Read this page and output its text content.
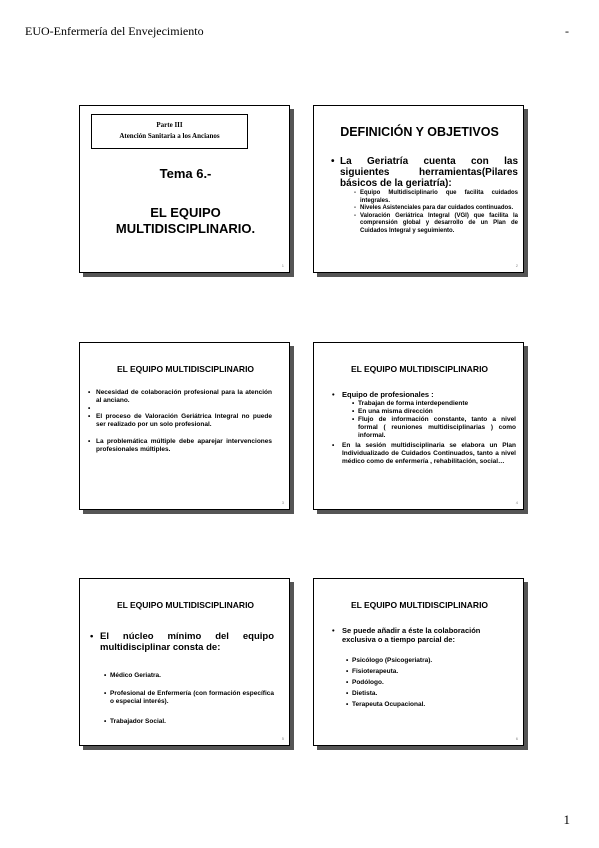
EUO-Enfermería del Envejecimiento	-
Parte III
Atención Sanitaria a los Ancianos
Tema 6.-
EL EQUIPO
MULTIDISCIPLINARIO.
1
DEFINICIÓN Y OBJETIVOS
• La Geriatría cuenta con las siguientes herramientas(Pilares básicos de la geriatría):
- Equipo Multidisciplinario que facilita cuidados integrales.
- Niveles Asistenciales para dar cuidados continuados.
- Valoración Geriátrica Integral (VGI) que facilita la comprensión global y desarrollo de un Plan de Cuidados Integral y seguimiento.
2
EL EQUIPO MULTIDISCIPLINARIO
• Necesidad de colaboración profesional para la atención al anciano.
•
• El proceso de Valoración Geriátrica Integral no puede ser realizado por un solo profesional.
• La problemática múltiple debe aparejar intervenciones profesionales múltiples.
3
EL EQUIPO MULTIDISCIPLINARIO
• Equipo de profesionales :
• Trabajan de forma interdependiente
• En una misma dirección
• Flujo de información constante, tanto a nivel formal ( reuniones multidisciplinarias ) como informal.
• En la sesión multidisciplinaria se elabora un Plan Individualizado de Cuidados Continuados, tanto a nivel médico como de enfermería , rehabilitación, social…
4
EL EQUIPO MULTIDISCIPLINARIO
• El núcleo mínimo del equipo multidisciplinar consta de:
• Médico Geriatra.
• Profesional de Enfermería (con formación específica o especial interés).
• Trabajador Social.
5
EL EQUIPO MULTIDISCIPLINARIO
• Se puede añadir a éste la colaboración exclusiva o a tiempo parcial de:
• Psicólogo (Psicogeriatra).
• Fisioterapeuta.
• Podólogo.
• Dietista.
• Terapeuta Ocupacional.
6
1
